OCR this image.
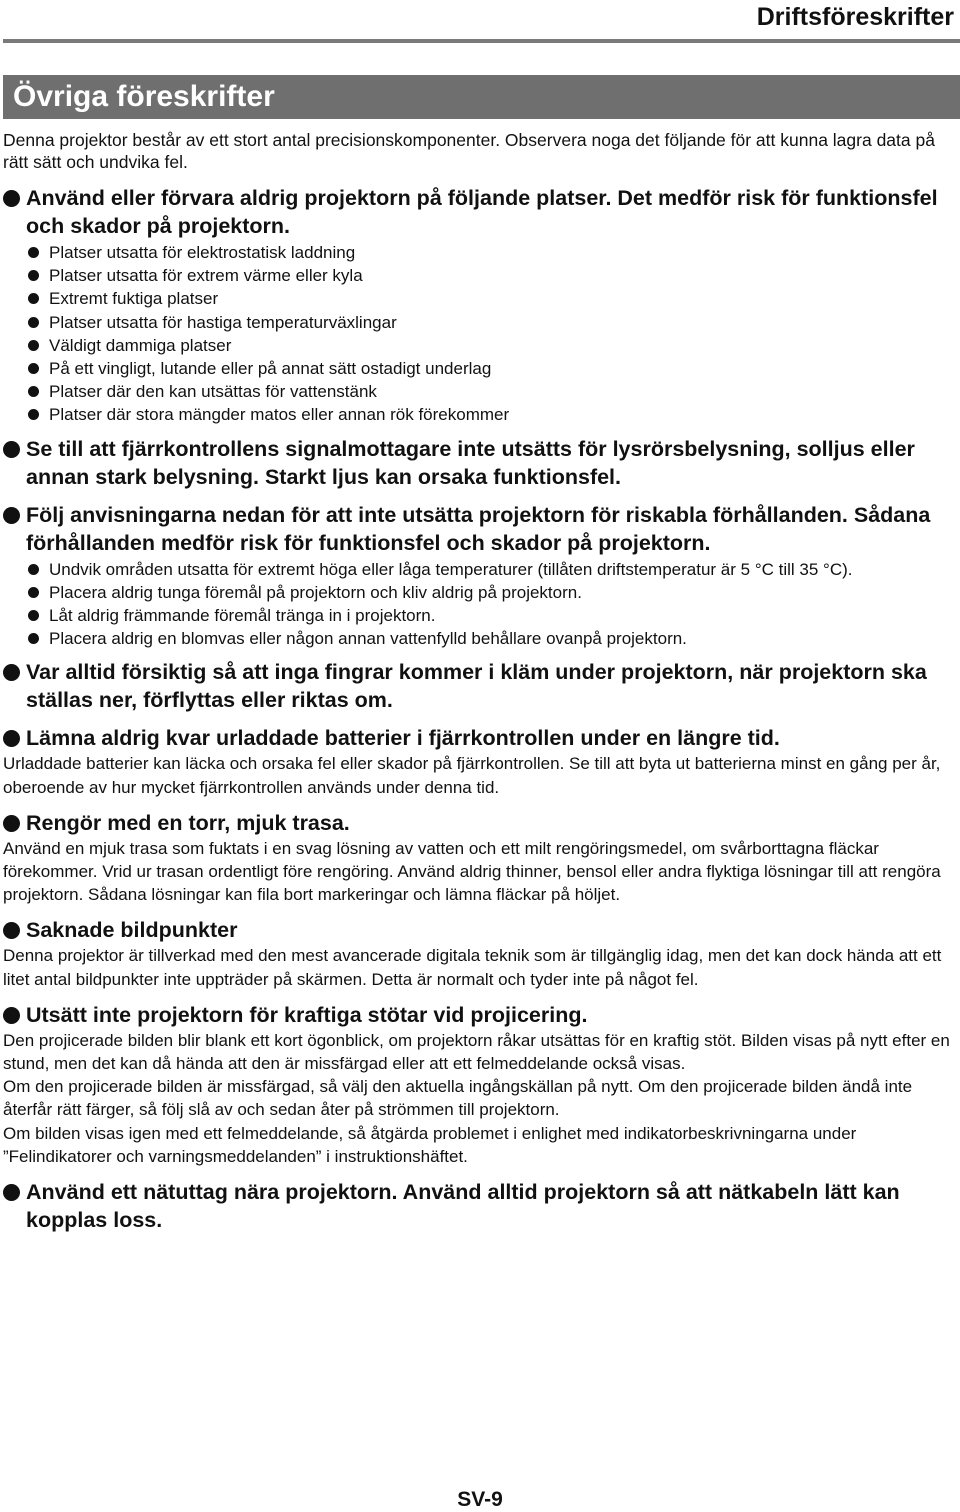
Driftsföreskrifter
Övriga föreskrifter

Denna projektor består av ett stort antal precisionskomponenter. Observera noga det följande för att kunna lagra data på rätt sätt och undvika fel.

Använd eller förvara aldrig projektorn på följande platser. Det medför risk för funktionsfel och skador på projektorn.

Platser utsatta för elektrostatisk laddning
Platser utsatta för extrem värme eller kyla
Extremt fuktiga platser
Platser utsatta för hastiga temperaturväxlingar
Väldigt dammiga platser
På ett vingligt, lutande eller på annat sätt ostadigt underlag
Platser där den kan utsättas för vattenstänk
Platser där stora mängder matos eller annan rök förekommer

Se till att fjärrkontrollens signalmottagare inte utsätts för lysrörsbelysning, solljus eller annan stark belysning. Starkt ljus kan orsaka funktionsfel.

Följ anvisningarna nedan för att inte utsätta projektorn för riskabla förhållanden. Sådana förhållanden medför risk för funktionsfel och skador på projektorn.

Undvik områden utsatta för extremt höga eller låga temperaturer (tillåten driftstemperatur är 5 °C till 35 °C).
Placera aldrig tunga föremål på projektorn och kliv aldrig på projektorn.
Låt aldrig främmande föremål tränga in i projektorn.
Placera aldrig en blomvas eller någon annan vattenfylld behållare ovanpå projektorn.

Var alltid försiktig så att inga fingrar kommer i kläm under projektorn, när projektorn ska ställas ner, förflyttas eller riktas om.

Lämna aldrig kvar urladdade batterier i fjärrkontrollen under en längre tid.

Urladdade batterier kan läcka och orsaka fel eller skador på fjärrkontrollen. Se till att byta ut batterierna minst en gång per år, oberoende av hur mycket fjärrkontrollen används under denna tid.

Rengör med en torr, mjuk trasa.

Använd en mjuk trasa som fuktats i en svag lösning av vatten och ett milt rengöringsmedel, om svårborttagna fläckar förekommer. Vrid ur trasan ordentligt före rengöring. Använd aldrig thinner, bensol eller andra flyktiga lösningar till att rengöra projektorn. Sådana lösningar kan fila bort markeringar och lämna fläckar på höljet.

Saknade bildpunkter

Denna projektor är tillverkad med den mest avancerade digitala teknik som är tillgänglig idag, men det kan dock hända att ett litet antal bildpunkter inte uppträder på skärmen. Detta är normalt och tyder inte på något fel.

Utsätt inte projektorn för kraftiga stötar vid projicering.

Den projicerade bilden blir blank ett kort ögonblick, om projektorn råkar utsättas för en kraftig stöt. Bilden visas på nytt efter en stund, men det kan då hända att den är missfärgad eller att ett felmeddelande också visas.

Om den projicerade bilden är missfärgad, så välj den aktuella ingångskällan på nytt. Om den projicerade bilden ändå inte återfår rätt färger, så följ slå av och sedan åter på strömmen till projektorn.

Om bilden visas igen med ett felmeddelande, så åtgärda problemet i enlighet med indikatorbeskrivningarna under ”Felindikatorer och varningsmeddelanden” i instruktionshäftet.

Använd ett nätuttag nära projektorn. Använd alltid projektorn så att nätkabeln lätt kan kopplas loss.

SV-9
